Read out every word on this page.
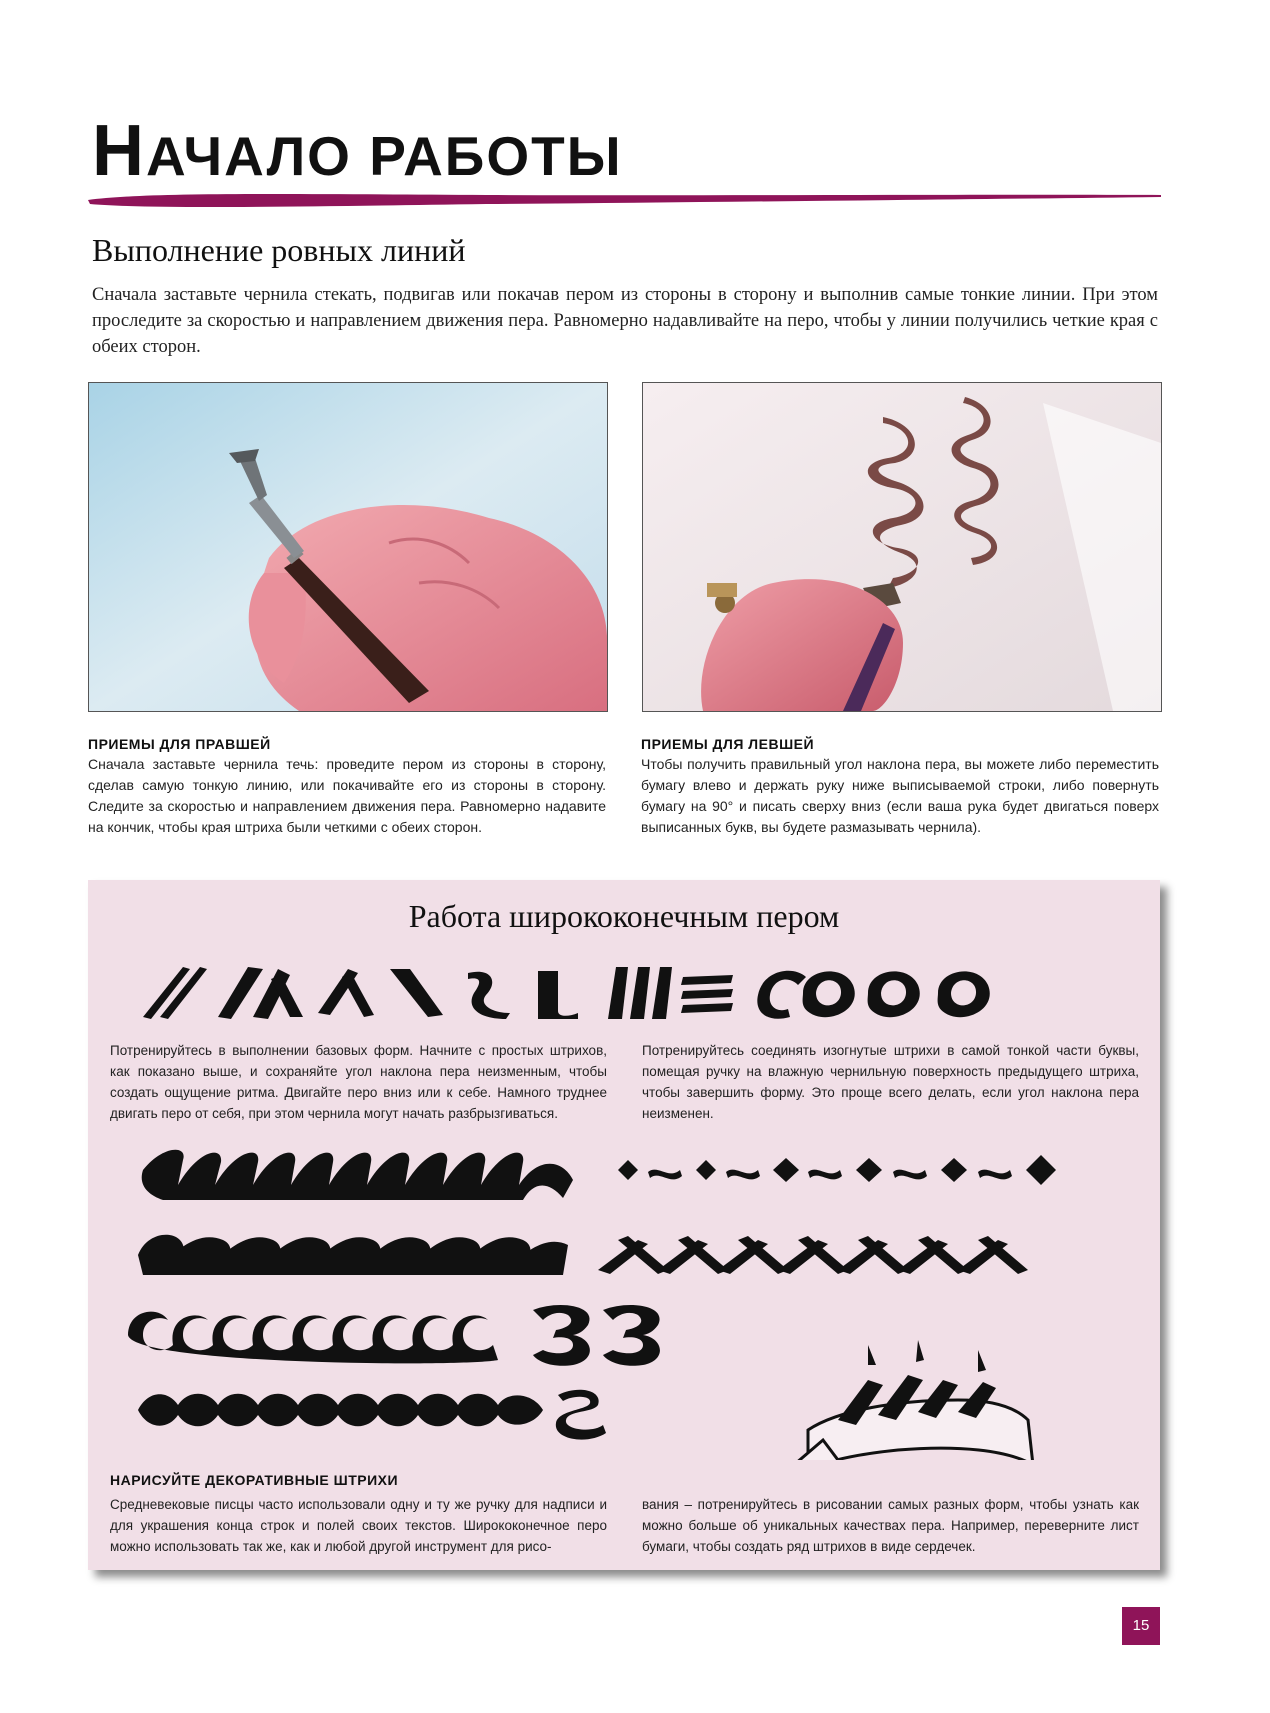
НАЧАЛО РАБОТЫ
Выполнение ровных линий
Сначала заставьте чернила стекать, подвигав или покачав пером из стороны в сторону и выполнив самые тонкие линии. При этом проследите за скоростью и направлением движения пера. Равномерно надавливайте на перо, чтобы у линии получились четкие края с обеих сторон.
ПРИЕМЫ ДЛЯ ПРАВШЕЙ
Сначала заставьте чернила течь: проведите пером из стороны в сторону, сделав самую тонкую линию, или покачивайте его из стороны в сторону. Следите за скоростью и направлением движения пера. Равномерно надавите на кончик, чтобы края штриха были четкими с обеих сторон.
ПРИЕМЫ ДЛЯ ЛЕВШЕЙ
Чтобы получить правильный угол наклона пера, вы можете либо переместить бумагу влево и держать руку ниже выписываемой строки, либо повернуть бумагу на 90° и писать сверху вниз (если ваша рука будет двигаться поверх выписанных букв, вы будете размазывать чернила).
Работа ширококонечным пером
Потренируйтесь в выполнении базовых форм. Начните с простых штрихов, как показано выше, и сохраняйте угол наклона пера неизменным, чтобы создать ощущение ритма. Двигайте перо вниз или к себе. Намного труднее двигать перо от себя, при этом чернила могут начать разбрызгиваться.
Потренируйтесь соединять изогнутые штрихи в самой тонкой части буквы, помещая ручку на влажную чернильную поверхность предыдущего штриха, чтобы завершить форму. Это проще всего делать, если угол наклона пера неизменен.
НАРИСУЙТЕ ДЕКОРАТИВНЫЕ ШТРИХИ
Средневековые писцы часто использовали одну и ту же ручку для надписи и для украшения конца строк и полей своих текстов. Ширококонечное перо можно использовать так же, как и любой другой инструмент для рисо-
вания – потренируйтесь в рисовании самых разных форм, чтобы узнать как можно больше об уникальных качествах пера. Например, переверните лист бумаги, чтобы создать ряд штрихов в виде сердечек.
15
